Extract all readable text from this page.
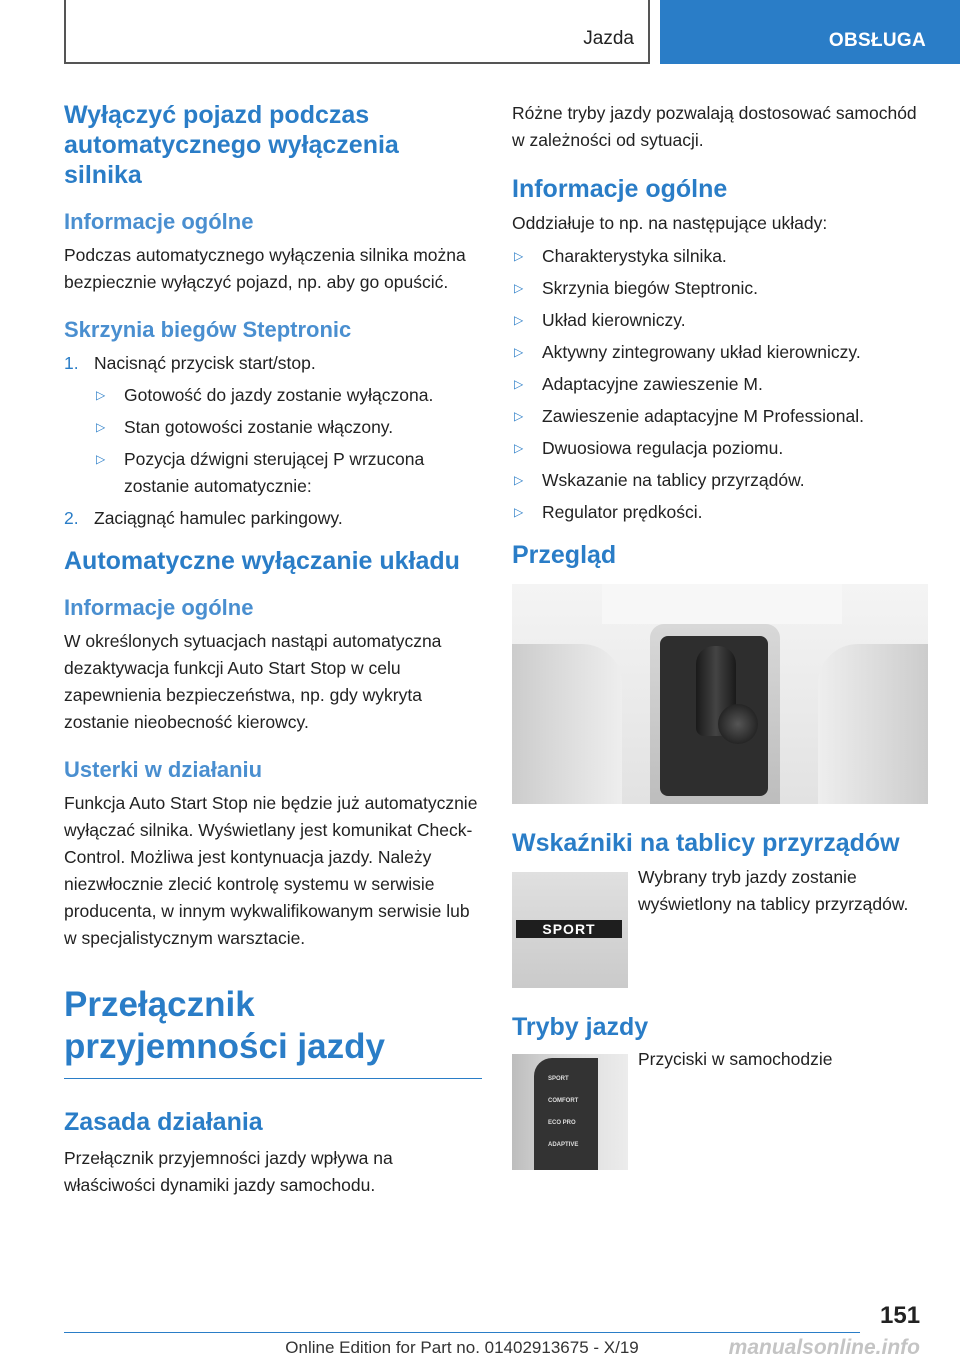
Jazda	OBSŁUGA
Wyłączyć pojazd podczas automatycznego wyłączenia silnika
Informacje ogólne
Podczas automatycznego wyłączenia silnika można bezpiecznie wyłączyć pojazd, np. aby go opuścić.
Skrzynia biegów Steptronic
1. Nacisnąć przycisk start/stop.
▷ Gotowość do jazdy zostanie wyłączona.
▷ Stan gotowości zostanie włączony.
▷ Pozycja dźwigni sterującej P wrzucona zostanie automatycznie:
2. Zaciągnąć hamulec parkingowy.
Automatyczne wyłączanie układu
Informacje ogólne
W określonych sytuacjach nastąpi automatyczna dezaktywacja funkcji Auto Start Stop w celu zapewnienia bezpieczeństwa, np. gdy wykryta zostanie nieobecność kierowcy.
Usterki w działaniu
Funkcja Auto Start Stop nie będzie już automatycznie wyłączać silnika. Wyświetlany jest komunikat Check-Control. Możliwa jest kontynuacja jazdy. Należy niezwłocznie zlecić kontrolę systemu w serwisie producenta, w innym wykwalifikowanym serwisie lub w specjalistycznym warsztacie.
Przełącznik przyjemności jazdy
Zasada działania
Przełącznik przyjemności jazdy wpływa na właściwości dynamiki jazdy samochodu.
Różne tryby jazdy pozwalają dostosować samochód w zależności od sytuacji.
Informacje ogólne
Oddziałuje to np. na następujące układy:
▷ Charakterystyka silnika.
▷ Skrzynia biegów Steptronic.
▷ Układ kierowniczy.
▷ Aktywny zintegrowany układ kierowniczy.
▷ Adaptacyjne zawieszenie M.
▷ Zawieszenie adaptacyjne M Professional.
▷ Dwuosiowa regulacja poziomu.
▷ Wskazanie na tablicy przyrządów.
▷ Regulator prędkości.
Przegląd
Wskaźniki na tablicy przyrządów
SPORT
Wybrany tryb jazdy zostanie wyświetlony na tablicy przyrządów.
Tryby jazdy
SPORT
COMFORT
ECO PRO
ADAPTIVE
Przyciski w samochodzie
151
Online Edition for Part no. 01402913675 - X/19	manualsonline.info
